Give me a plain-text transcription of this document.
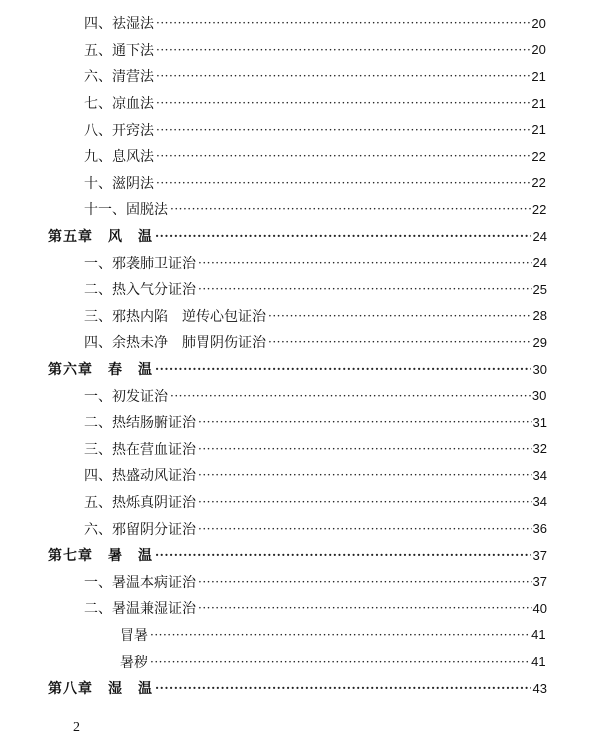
四、祛湿法 ·····	20
五、通下法 ·····	20
六、清营法 ·····	21
七、凉血法 ·····	21
八、开窍法 ·····	21
九、息风法 ·····	22
十、滋阴法 ·····	22
十一、固脱法 ·····	22
第五章　风　温 ·····	24
一、邪袭肺卫证治 ·····	24
二、热入气分证治 ·····	25
三、邪热内陷　逆传心包证治 ·····	28
四、余热未净　肺胃阴伤证治 ·····	29
第六章　春　温 ·····	30
一、初发证治 ·····	30
二、热结肠腑证治 ·····	31
三、热在营血证治 ·····	32
四、热盛动风证治 ·····	34
五、热烁真阴证治 ·····	34
六、邪留阴分证治 ·····	36
第七章　暑　温 ·····	37
一、暑温本病证治 ·····	37
二、暑温兼湿证治 ·····	40
冒暑 ·····	41
暑秽 ·····	41
第八章　湿　温 ·····	43
2
